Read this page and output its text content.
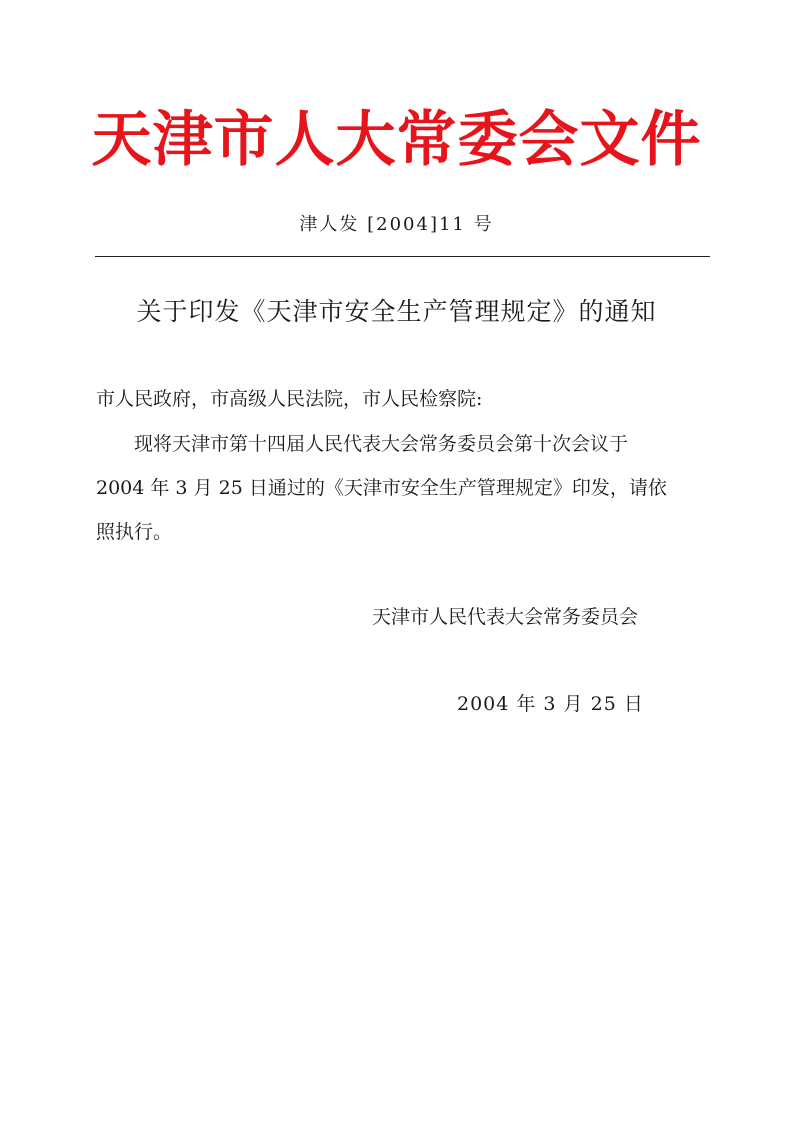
天津市人大常委会文件
津人发 [2004]11 号
关于印发《天津市安全生产管理规定》的通知
市人民政府，市高级人民法院，市人民检察院:
现将天津市第十四届人民代表大会常务委员会第十次会议于
2004 年 3 月 25 日通过的《天津市安全生产管理规定》印发，请依
照执行。
天津市人民代表大会常务委员会
2004 年 3 月 25 日
